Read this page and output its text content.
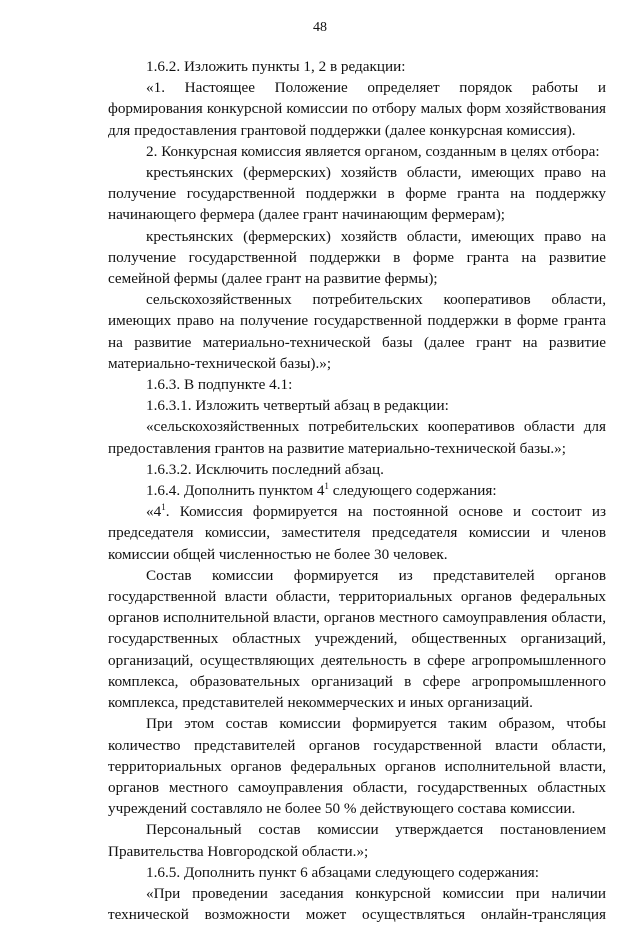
48

1.6.2. Изложить пункты 1, 2 в редакции:

«1. Настоящее Положение определяет порядок работы и формирования конкурсной комиссии по отбору малых форм хозяйствования для предоставления грантовой поддержки (далее конкурсная комиссия).

2. Конкурсная комиссия является органом, созданным в целях отбора:

крестьянских (фермерских) хозяйств области, имеющих право на получение государственной поддержки в форме гранта на поддержку начинающего фермера (далее грант начинающим фермерам);

крестьянских (фермерских) хозяйств области, имеющих право на получение государственной поддержки в форме гранта на развитие семейной фермы (далее грант на развитие фермы);

сельскохозяйственных потребительских кооперативов области, имеющих право на получение государственной поддержки в форме гранта на развитие материально-технической базы (далее грант на развитие материально-технической базы).»;

1.6.3. В подпункте 4.1:

1.6.3.1. Изложить четвертый абзац в редакции:

«сельскохозяйственных потребительских кооперативов области для предоставления грантов на развитие материально-технической базы.»;

1.6.3.2. Исключить последний абзац.

1.6.4. Дополнить пунктом $4^1$ следующего содержания:

«$4^1$. Комиссия формируется на постоянной основе и состоит из председателя комиссии, заместителя председателя комиссии и членов комиссии общей численностью не более 30 человек.

Состав комиссии формируется из представителей органов государственной власти области, территориальных органов федеральных органов исполнительной власти, органов местного самоуправления области, государственных областных учреждений, общественных организаций, организаций, осуществляющих деятельность в сфере агропромышленного комплекса, образовательных организаций в сфере агропромышленного комплекса, представителей некоммерческих и иных организаций.

При этом состав комиссии формируется таким образом, чтобы количество представителей органов государственной власти области, территориальных органов федеральных органов исполнительной власти, органов местного самоуправления области, государственных областных учреждений составляло не более 50 % действующего состава комиссии.

Персональный состав комиссии утверждается постановлением Правительства Новгородской области.»;

1.6.5. Дополнить пункт 6 абзацами следующего содержания:

«При проведении заседания конкурсной комиссии при наличии технической возможности может осуществляться онлайн-трансляция
